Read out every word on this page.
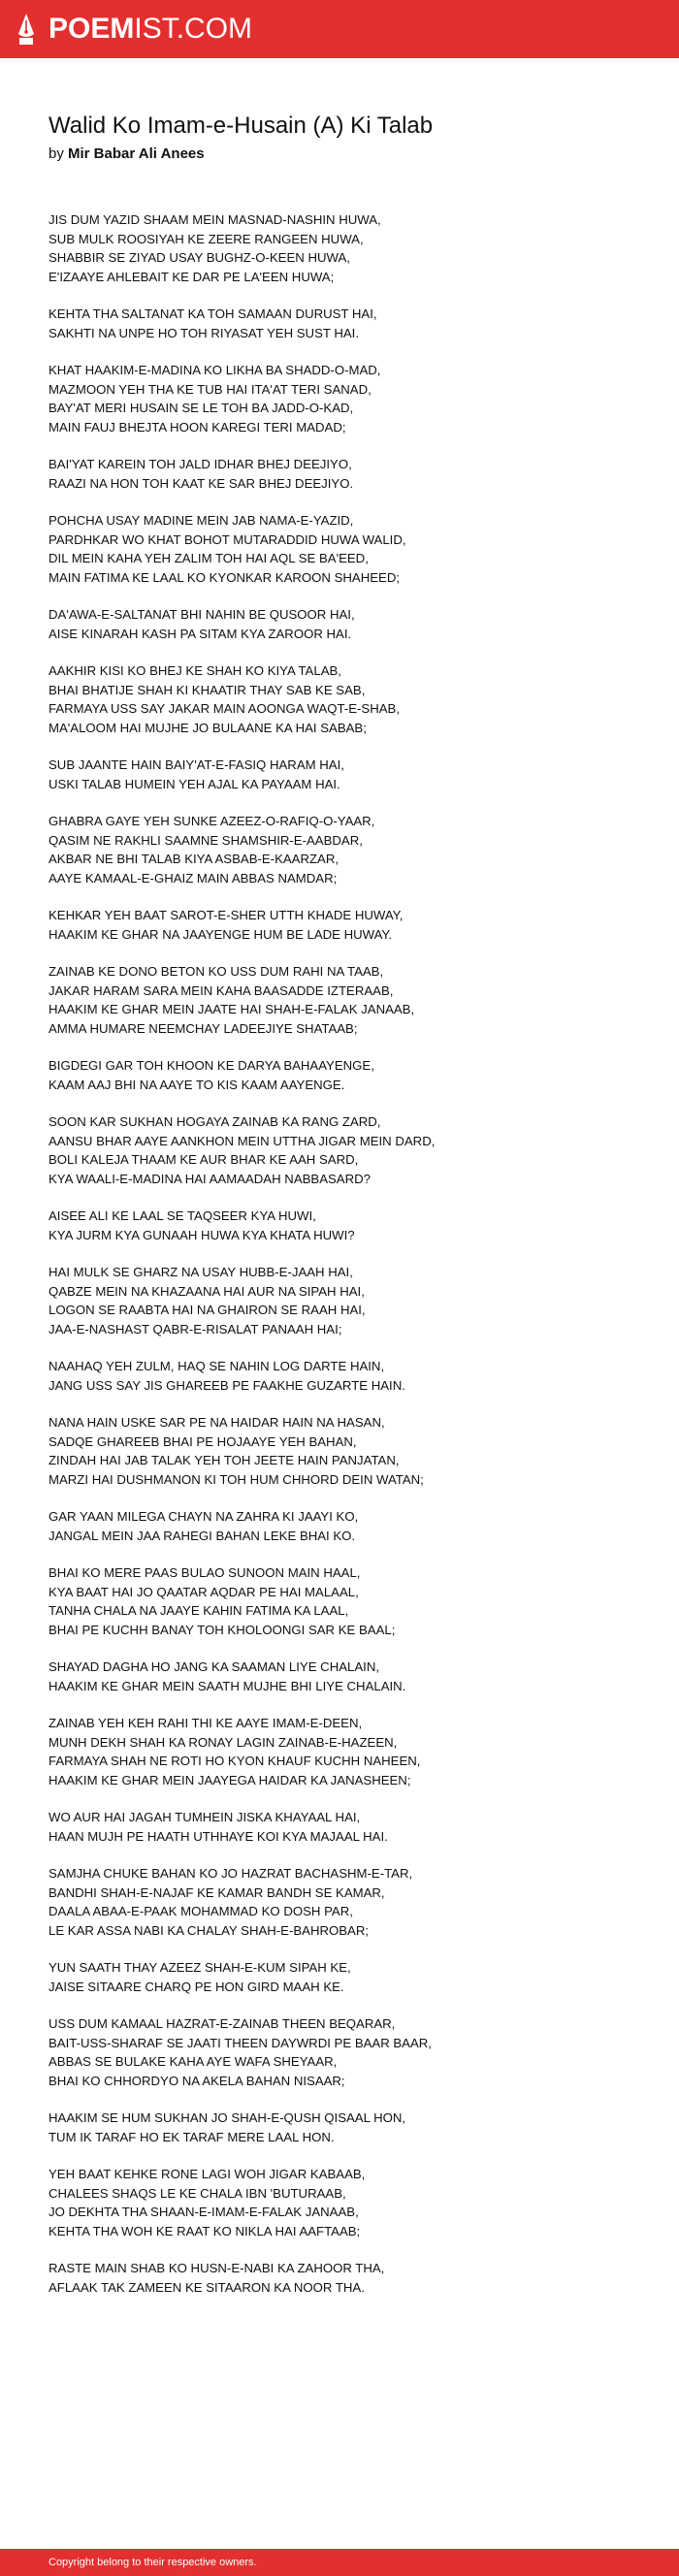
POEMIST.COM
Walid Ko Imam-e-Husain (A) Ki Talab

by Mir Babar Ali Anees

JIS DUM YAZID SHAAM MEIN MASNAD-NASHIN HUWA,
SUB MULK ROOSIYAH KE ZEERE RANGEEN HUWA,
SHABBIR SE ZIYAD USAY BUGHZ-O-KEEN HUWA,
E'IZAAYE AHLEBAIT KE DAR PE LA'EEN HUWA;
KEHTA THA SALTANAT KA TOH SAMAAN DURUST HAI,
SAKHTI NA UNPE HO TOH RIYASAT YEH SUST HAI.
KHAT HAAKIM-E-MADINA KO LIKHA BA SHADD-O-MAD,
MAZMOON YEH THA KE TUB HAI ITA'AT TERI SANAD,
BAY'AT MERI HUSAIN SE LE TOH BA JADD-O-KAD,
MAIN FAUJ BHEJTA HOON KAREGI TERI MADAD;
BAI'YAT KAREIN TOH JALD IDHAR BHEJ DEEJIYO,
RAAZI NA HON TOH KAAT KE SAR BHEJ DEEJIYO.
POHCHA USAY MADINE MEIN JAB NAMA-E-YAZID,
PARDHKAR WO KHAT BOHOT MUTARADDID HUWA WALID,
DIL MEIN KAHA YEH ZALIM TOH HAI AQL SE BA'EED,
MAIN FATIMA KE LAAL KO KYONKAR KAROON SHAHEED;
DA'AWA-E-SALTANAT BHI NAHIN BE QUSOOR HAI,
AISE KINARAH KASH PA SITAM KYA ZAROOR HAI.
AAKHIR KISI KO BHEJ KE SHAH KO KIYA TALAB,
BHAI BHATIJE SHAH KI KHAATIR THAY SAB KE SAB,
FARMAYA USS SAY JAKAR MAIN AOONGA WAQT-E-SHAB,
MA'ALOOM HAI MUJHE JO BULAANE KA HAI SABAB;
SUB JAANTE HAIN BAIY'AT-E-FASIQ HARAM HAI,
USKI TALAB HUMEIN YEH AJAL KA PAYAAM HAI.
GHABRA GAYE YEH SUNKE AZEEZ-O-RAFIQ-O-YAAR,
QASIM NE RAKHLI SAAMNE SHAMSHIR-E-AABDAR,
AKBAR NE BHI TALAB KIYA ASBAB-E-KAARZAR,
AAYE KAMAAL-E-GHAIZ MAIN ABBAS NAMDAR;
KEHKAR YEH BAAT SAROT-E-SHER UTTH KHADE HUWAY,
HAAKIM KE GHAR NA JAAYENGE HUM BE LADE HUWAY.
ZAINAB KE DONO BETON KO USS DUM RAHI NA TAAB,
JAKAR HARAM SARA MEIN KAHA BAASADDE IZTERAAB,
HAAKIM KE GHAR MEIN JAATE HAI SHAH-E-FALAK JANAAB,
AMMA HUMARE NEEMCHAY LADEEJIYE SHATAAB;
BIGDEGI GAR TOH KHOON KE DARYA BAHAAYENGE,
KAAM AAJ BHI NA AAYE TO KIS KAAM AAYENGE.
SOON KAR SUKHAN HOGAYA ZAINAB KA RANG ZARD,
AANSU BHAR AAYE AANKHON MEIN UTTHA JIGAR MEIN DARD,
BOLI KALEJA THAAM KE AUR BHAR KE AAH SARD,
KYA WAALI-E-MADINA HAI AAMAADAH NABBASARD?
AISEE ALI KE LAAL SE TAQSEER KYA HUWI,
KYA JURM KYA GUNAAH HUWA KYA KHATA HUWI?
HAI MULK SE GHARZ NA USAY HUBB-E-JAAH HAI,
QABZE MEIN NA KHAZAANA HAI AUR NA SIPAH HAI,
LOGON SE RAABTA HAI NA GHAIRON SE RAAH HAI,
JAA-E-NASHAST QABR-E-RISALAT PANAAH HAI;
NAAHAQ YEH ZULM, HAQ SE NAHIN LOG DARTE HAIN,
JANG USS SAY JIS GHAREEB PE FAAKHE GUZARTE HAIN.
NANA HAIN USKE SAR PE NA HAIDAR HAIN NA HASAN,
SADQE GHAREEB BHAI PE HOJAAYE YEH BAHAN,
ZINDAH HAI JAB TALAK YEH TOH JEETE HAIN PANJATAN,
MARZI HAI DUSHMANON KI TOH HUM CHHORD DEIN WATAN;
GAR YAAN MILEGA CHAYN NA ZAHRA KI JAAYI KO,
JANGAL MEIN JAA RAHEGI BAHAN LEKE BHAI KO.
BHAI KO MERE PAAS BULAO SUNOON MAIN HAAL,
KYA BAAT HAI JO QAATAR AQDAR PE HAI MALAAL,
TANHA CHALA NA JAAYE KAHIN FATIMA KA LAAL,
BHAI PE KUCHH BANAY TOH KHOLOONGI SAR KE BAAL;
SHAYAD DAGHA HO JANG KA SAAMAN LIYE CHALAIN,
HAAKIM KE GHAR MEIN SAATH MUJHE BHI LIYE CHALAIN.
ZAINAB YEH KEH RAHI THI KE AAYE IMAM-E-DEEN,
MUNH DEKH SHAH KA RONAY LAGIN ZAINAB-E-HAZEEN,
FARMAYA SHAH NE ROTI HO KYON KHAUF KUCHH NAHEEN,
HAAKIM KE GHAR MEIN JAAYEGA HAIDAR KA JANASHEEN;
WO AUR HAI JAGAH TUMHEIN JISKA KHAYAAL HAI,
HAAN MUJH PE HAATH UTHHAYE KOI KYA MAJAAL HAI.
SAMJHA CHUKE BAHAN KO JO HAZRAT BACHASHM-E-TAR,
BANDHI SHAH-E-NAJAF KE KAMAR BANDH SE KAMAR,
DAALA ABAA-E-PAAK MOHAMMAD KO DOSH PAR,
LE KAR ASSA NABI KA CHALAY SHAH-E-BAHROBAR;
YUN SAATH THAY AZEEZ SHAH-E-KUM SIPAH KE,
JAISE SITAARE CHARQ PE HON GIRD MAAH KE.
USS DUM KAMAAL HAZRAT-E-ZAINAB THEEN BEQARAR,
BAIT-USS-SHARAF SE JAATI THEEN DAYWRDI PE BAAR BAAR,
ABBAS SE BULAKE KAHA AYE WAFA SHEYAAR,
BHAI KO CHHORDYO NA AKELA BAHAN NISAAR;
HAAKIM SE HUM SUKHAN JO SHAH-E-QUSH QISAAL HON,
TUM IK TARAF HO EK TARAF MERE LAAL HON.
YEH BAAT KEHKE RONE LAGI WOH JIGAR KABAAB,
CHALEES SHAQS LE KE CHALA IBN 'BUTURAAB,
JO DEKHTA THA SHAAN-E-IMAM-E-FALAK JANAAB,
KEHTA THA WOH KE RAAT KO NIKLA HAI AAFTAAB;
RASTE MAIN SHAB KO HUSN-E-NABI KA ZAHOOR THA,
AFLAAK TAK ZAMEEN KE SITAARON KA NOOR THA.
Copyright belong to their respective owners.
